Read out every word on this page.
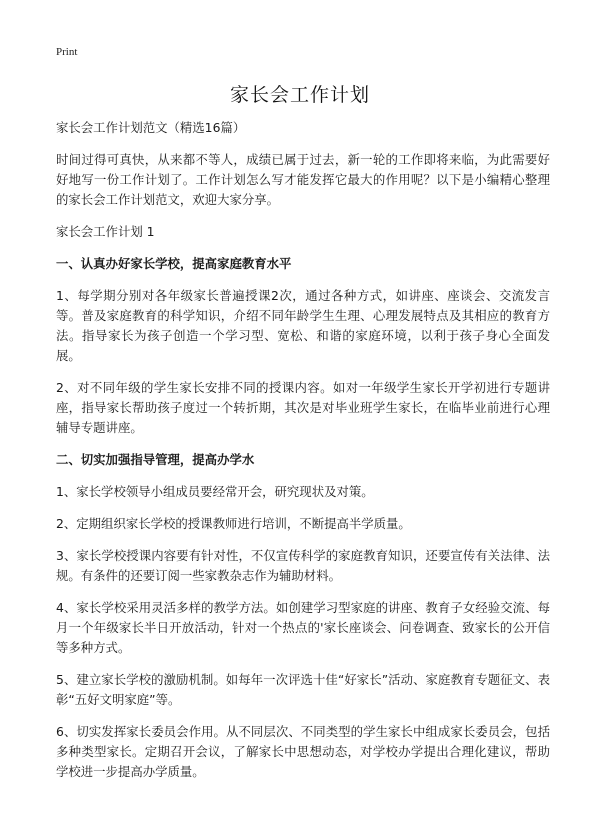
Print
家长会工作计划

家长会工作计划范文（精选16篇）

时间过得可真快，从来都不等人，成绩已属于过去，新一轮的工作即将来临，为此需要好好地写一份工作计划了。工作计划怎么写才能发挥它最大的作用呢？以下是小编精心整理的家长会工作计划范文，欢迎大家分享。

家长会工作计划 1

一、认真办好家长学校，提高家庭教育水平

1、每学期分别对各年级家长普遍授课2次，通过各种方式，如讲座、座谈会、交流发言等。普及家庭教育的科学知识，介绍不同年龄学生生理、心理发展特点及其相应的教育方法。指导家长为孩子创造一个学习型、宽松、和谐的家庭环境，以利于孩子身心全面发展。

2、对不同年级的学生家长安排不同的授课内容。如对一年级学生家长开学初进行专题讲座，指导家长帮助孩子度过一个转折期，其次是对毕业班学生家长，在临毕业前进行心理辅导专题讲座。

二、切实加强指导管理，提高办学水

1、家长学校领导小组成员要经常开会，研究现状及对策。

2、定期组织家长学校的授课教师进行培训，不断提高半学质量。

3、家长学校授课内容要有针对性，不仅宣传科学的家庭教育知识，还要宣传有关法律、法规。有条件的还要订阅一些家教杂志作为辅助材料。

4、家长学校采用灵活多样的教学方法。如创建学习型家庭的讲座、教育子女经验交流、每月一个年级家长半日开放活动，针对一个热点的'家长座谈会、问卷调查、致家长的公开信等多种方式。

5、建立家长学校的激励机制。如每年一次评选十佳“好家长”活动、家庭教育专题征文、表彰“五好文明家庭”等。

6、切实发挥家长委员会作用。从不同层次、不同类型的学生家长中组成家长委员会，包括多种类型家长。定期召开会议，了解家长中思想动态，对学校办学提出合理化建议，帮助学校进一步提高办学质量。
